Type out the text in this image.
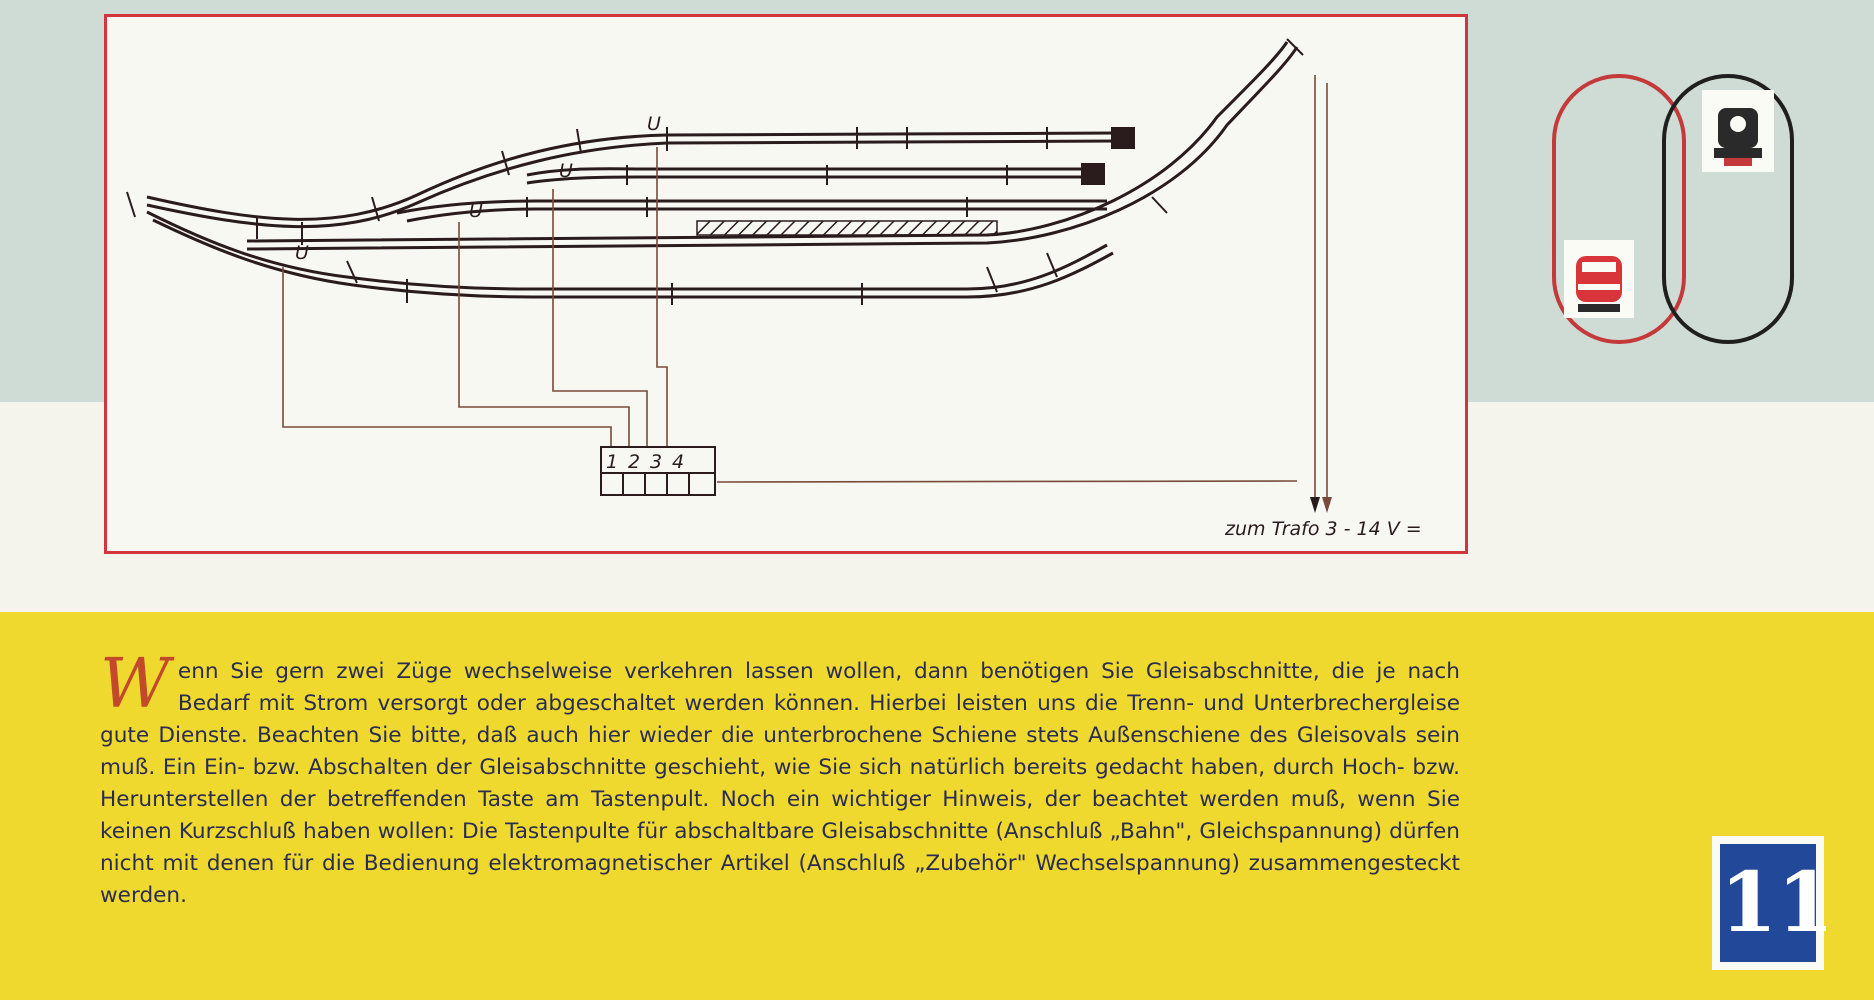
U
U
U
U
1 2 3 4
zum Trafo 3 - 14 V =

Wenn Sie gern zwei Züge wechselweise verkehren lassen wollen, dann benötigen Sie Gleisabschnitte, die je nach Bedarf mit Strom versorgt oder abgeschaltet werden können. Hierbei leisten uns die Trenn- und Unterbrechergleise gute Dienste. Beachten Sie bitte, daß auch hier wieder die unterbrochene Schiene stets Außenschiene des Gleisovals sein muß. Ein Ein- bzw. Abschalten der Gleisabschnitte geschieht, wie Sie sich natürlich bereits gedacht haben, durch Hoch- bzw. Herunterstellen der betreffenden Taste am Tastenpult. Noch ein wichtiger Hinweis, der beachtet werden muß, wenn Sie keinen Kurzschluß haben wollen: Die Tastenpulte für abschaltbare Gleisabschnitte (Anschluß „Bahn", Gleichspannung) dürfen nicht mit denen für die Bedienung elektromagnetischer Artikel (Anschluß „Zubehör" Wechselspannung) zusammengesteckt werden.	11
